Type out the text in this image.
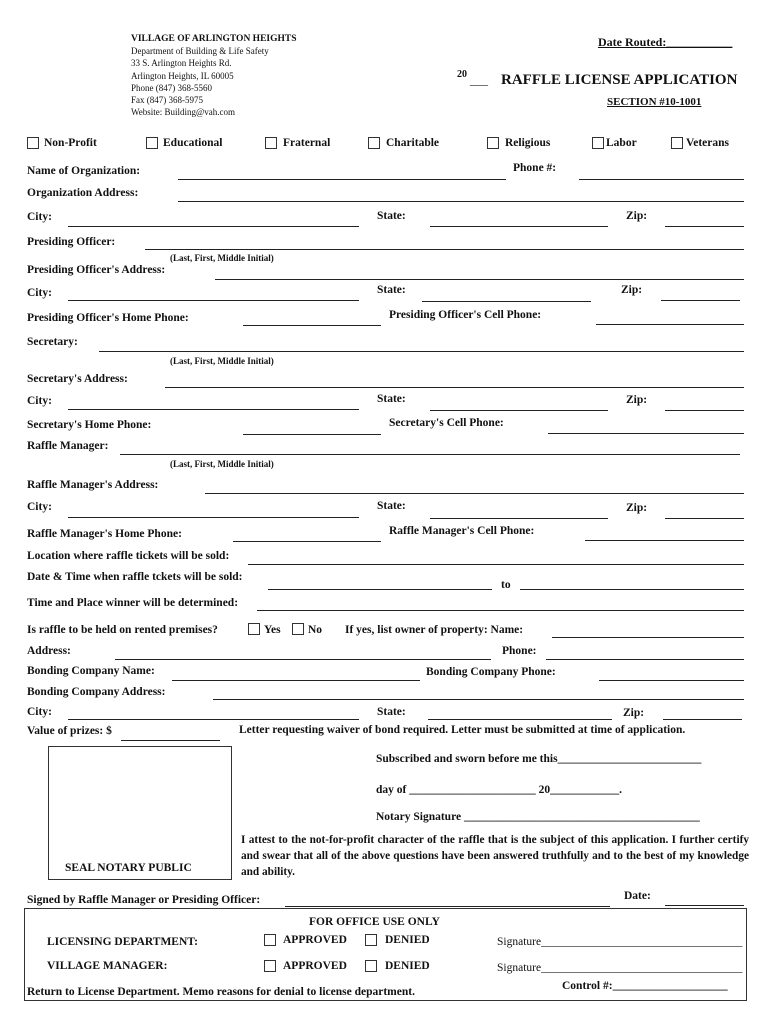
VILLAGE OF ARLINGTON HEIGHTS
Department of Building & Life Safety
33 S. Arlington Heights Rd.
Arlington Heights, IL 60005
Phone (847) 368-5560
Fax (847) 368-5975
Website: Building@vah.com
Date Routed:___________
20 ___ RAFFLE LICENSE APPLICATION
SECTION #10-1001
Non-Profit	Educational	Fraternal	Charitable	Religious	Labor	Veterans
Name of Organization:	Phone #:
Organization Address:
City:	State:	Zip:
Presiding Officer:
(Last, First, Middle Initial)
Presiding Officer's Address:
City:	State:	Zip:
Presiding Officer's Home Phone:	Presiding Officer's Cell Phone:
Secretary:
(Last, First, Middle Initial)
Secretary's Address:
City:	State:	Zip:
Secretary's Home Phone:	Secretary's Cell Phone:
Raffle Manager:
(Last, First, Middle Initial)
Raffle Manager's Address:
City:	State:	Zip:
Raffle Manager's Home Phone:	Raffle Manager's Cell Phone:
Location where raffle tickets will be sold:
Date & Time when raffle tckets will be sold:
to
Time and Place winner will be determined:
Is raffle to be held on rented premises?	Yes No If yes, list owner of property: Name:
Address:	Phone:
Bonding Company Name:	Bonding Company Phone:
Bonding Company Address:
City:	State:	Zip:
Value of prizes: $	Letter requesting waiver of bond required. Letter must be submitted at time of application.
SEAL NOTARY PUBLIC
Subscribed and sworn before me this_________________________
day of ______________________ 20____________.
Notary Signature _________________________________________
I attest to the not-for-profit character of the raffle that is the subject of this application. I further certify and swear that all of the above questions have been answered truthfully and to the best of my knowledge and ability.
Signed by Raffle Manager or Presiding Officer:	Date:
FOR OFFICE USE ONLY
LICENSING DEPARTMENT:	APPROVED	DENIED	Signature___________________________________
VILLAGE MANAGER:	APPROVED	DENIED	Signature___________________________________
Return to License Department. Memo reasons for denial to license department.	Control #:____________________
